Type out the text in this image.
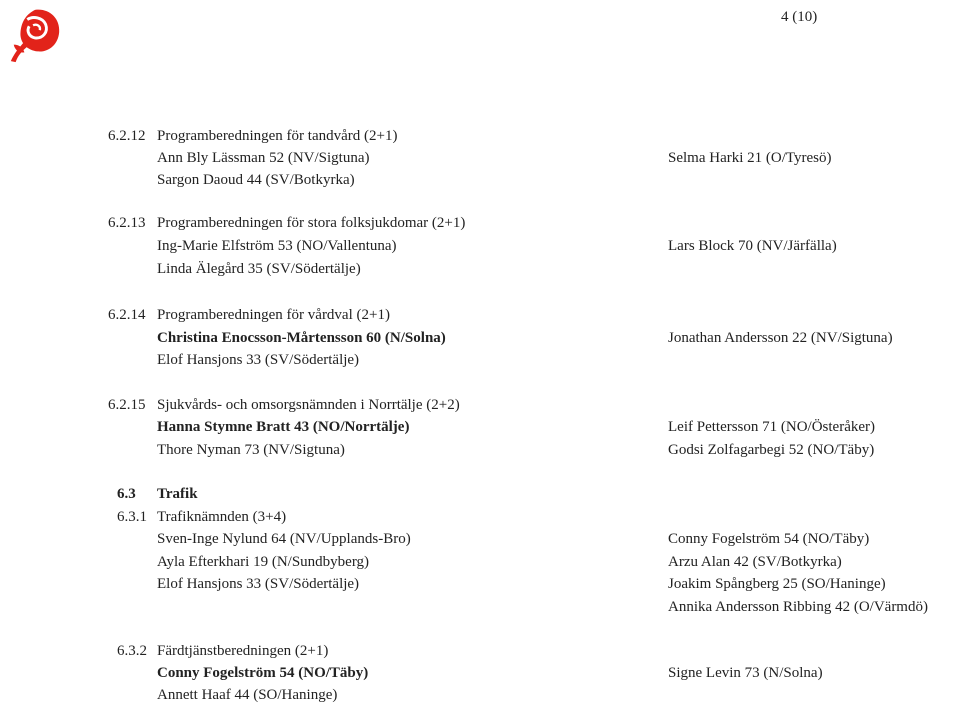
4 (10)
6.2.12 Programberedningen för tandvård (2+1)
Ann Bly Lässman 52 (NV/Sigtuna)
Sargon Daoud 44 (SV/Botkyrka)
Selma Harki 21 (O/Tyresö)
6.2.13 Programberedningen för stora folksjukdomar (2+1)
Ing-Marie Elfström 53 (NO/Vallentuna)
Linda Älegård 35 (SV/Södertälje)
Lars Block 70 (NV/Järfälla)
6.2.14 Programberedningen för vårdval (2+1)
Christina Enocsson-Mårtensson 60 (N/Solna)
Elof Hansjons 33 (SV/Södertälje)
Jonathan Andersson 22 (NV/Sigtuna)
6.2.15 Sjukvårds- och omsorgsnämnden i Norrtälje (2+2)
Hanna Stymne Bratt 43 (NO/Norrtälje)
Thore Nyman 73 (NV/Sigtuna)
Leif Pettersson 71 (NO/Österåker)
Godsi Zolfagarbegi 52 (NO/Täby)
6.3 Trafik
6.3.1 Trafiknämnden (3+4)
Sven-Inge Nylund 64 (NV/Upplands-Bro)
Ayla Efterkhari 19 (N/Sundbyberg)
Elof Hansjons 33 (SV/Södertälje)
Conny Fogelström 54 (NO/Täby)
Arzu Alan 42 (SV/Botkyrka)
Joakim Spångberg 25 (SO/Haninge)
Annika Andersson Ribbing 42 (O/Värmdö)
6.3.2 Färdtjänstberedningen (2+1)
Conny Fogelström 54 (NO/Täby)
Annett Haaf 44 (SO/Haninge)
Signe Levin 73 (N/Solna)
